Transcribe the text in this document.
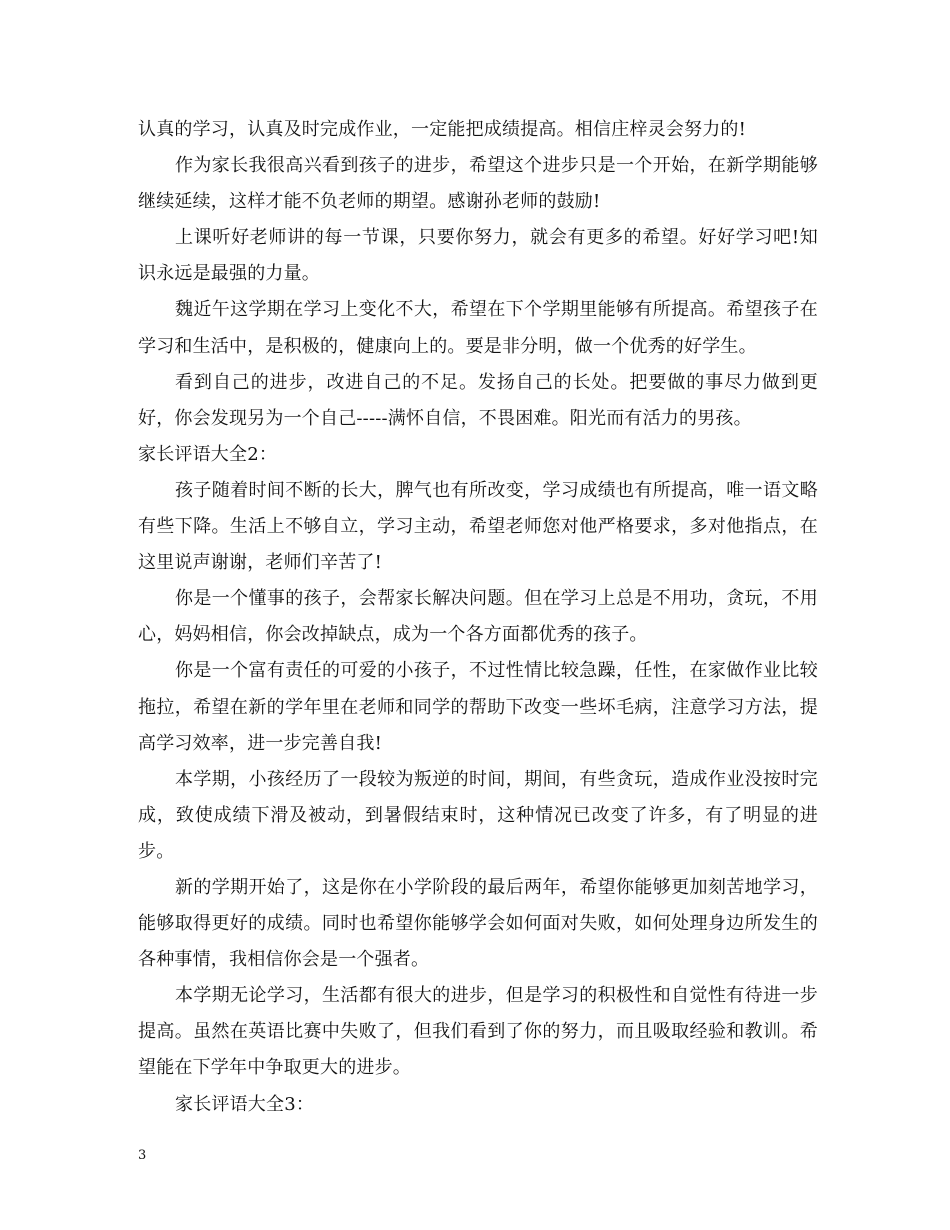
认真的学习，认真及时完成作业，一定能把成绩提高。相信庄梓灵会努力的!

作为家长我很高兴看到孩子的进步，希望这个进步只是一个开始，在新学期能够继续延续，这样才能不负老师的期望。感谢孙老师的鼓励!

上课听好老师讲的每一节课，只要你努力，就会有更多的希望。好好学习吧!知识永远是最强的力量。

魏近午这学期在学习上变化不大，希望在下个学期里能够有所提高。希望孩子在学习和生活中，是积极的，健康向上的。要是非分明，做一个优秀的好学生。

看到自己的进步，改进自己的不足。发扬自己的长处。把要做的事尽力做到更好，你会发现另为一个自己-----满怀自信，不畏困难。阳光而有活力的男孩。

家长评语大全2：

孩子随着时间不断的长大，脾气也有所改变，学习成绩也有所提高，唯一语文略有些下降。生活上不够自立，学习主动，希望老师您对他严格要求，多对他指点，在这里说声谢谢，老师们辛苦了!

你是一个懂事的孩子，会帮家长解决问题。但在学习上总是不用功，贪玩，不用心，妈妈相信，你会改掉缺点，成为一个各方面都优秀的孩子。

你是一个富有责任的可爱的小孩子，不过性情比较急躁，任性，在家做作业比较拖拉，希望在新的学年里在老师和同学的帮助下改变一些坏毛病，注意学习方法，提高学习效率，进一步完善自我!

本学期，小孩经历了一段较为叛逆的时间，期间，有些贪玩，造成作业没按时完成，致使成绩下滑及被动，到暑假结束时，这种情况已改变了许多，有了明显的进步。

新的学期开始了，这是你在小学阶段的最后两年，希望你能够更加刻苦地学习，能够取得更好的成绩。同时也希望你能够学会如何面对失败，如何处理身边所发生的各种事情，我相信你会是一个强者。

本学期无论学习，生活都有很大的进步，但是学习的积极性和自觉性有待进一步提高。虽然在英语比赛中失败了，但我们看到了你的努力，而且吸取经验和教训。希望能在下学年中争取更大的进步。

家长评语大全3：

3
